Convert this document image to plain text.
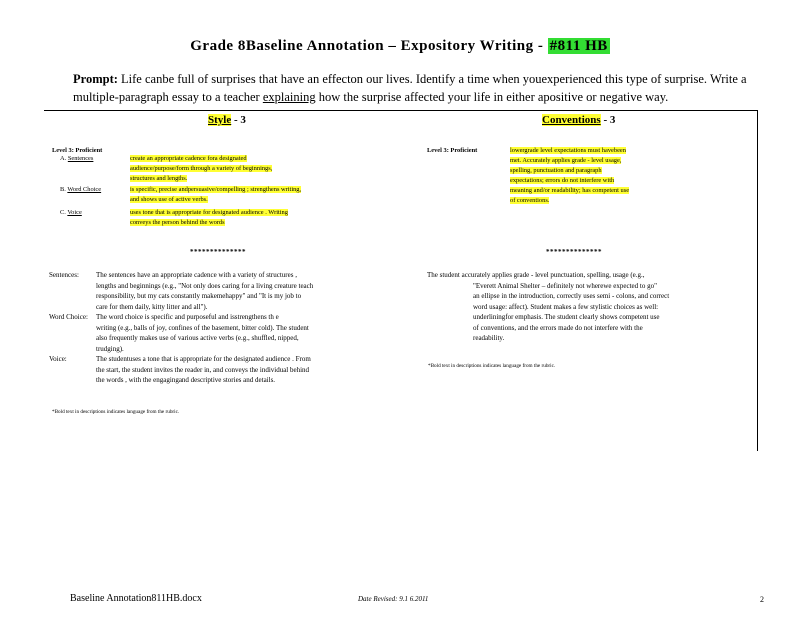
Grade 8Baseline Annotation – Expository Writing - #811 HB
Prompt: Life canbe full of surprises that have an effecton our lives. Identify a time when youexperienced this type of surprise. Write a multiple-paragraph essay to a teacher explaining how the surprise affected your life in either apositive or negative way.
Style - 3
Level 3: Proficient
A. Sentences	create an appropriate cadence fora designated
audience/purpose/form through a variety of beginnings,
structures and lengths.
B. Word Choice	is specific, precise andpersuasive/compelling ; strengthens writing,
and shows use of active verbs.
C. Voice	uses tone that is appropriate for designated audience . Writing
conveys the person behind the words
**************
Sentences:	The sentences have an appropriate cadence with a variety of structures ,
lengths and beginnings (e.g., "Not only does caring for a living creature teach
responsibility, but my cats constantly makemehappy" and "It is my job to
care for them daily, kitty litter and all").
Word Choice:	The word choice is specific and purposeful and isstrengthens th e
writing (e.g., balls of joy, confines of the basement, bitter cold). The student
also frequently makes use of various active verbs (e.g., shuffled, nipped,
trudging).
Voice:	The studentuses a tone that is appropriate for the designated audience . From
the start, the student invites the reader in, and conveys the individual behind
the words , with the engagingand descriptive stories and details.
*Bold text in descriptions indicates language from the rubric.
Conventions - 3
Level 3: Proficient	lowergrade level expectations must havebeen
met. Accurately applies grade - level usage,
spelling, punctuation and paragraph
expectations; errors do not interfere with
meaning and/or readability; has competent use
of conventions.
**************
The student accurately applies grade - level punctuation, spelling, usage (e.g.,
"Everett Animal Shelter – definitely not wherewe expected to go"
an ellipse in the introduction, correctly uses semi - colons, and correct
word usage: affect). Student makes a few stylistic choices as well:
underliningfor emphasis. The student clearly shows competent use
of conventions, and the errors made do not interfere with the
readability.
*Bold text in descriptions indicates language from the rubric.
Baseline Annotation811HB.docx	Date Revised: 9.1 6.2011	2
